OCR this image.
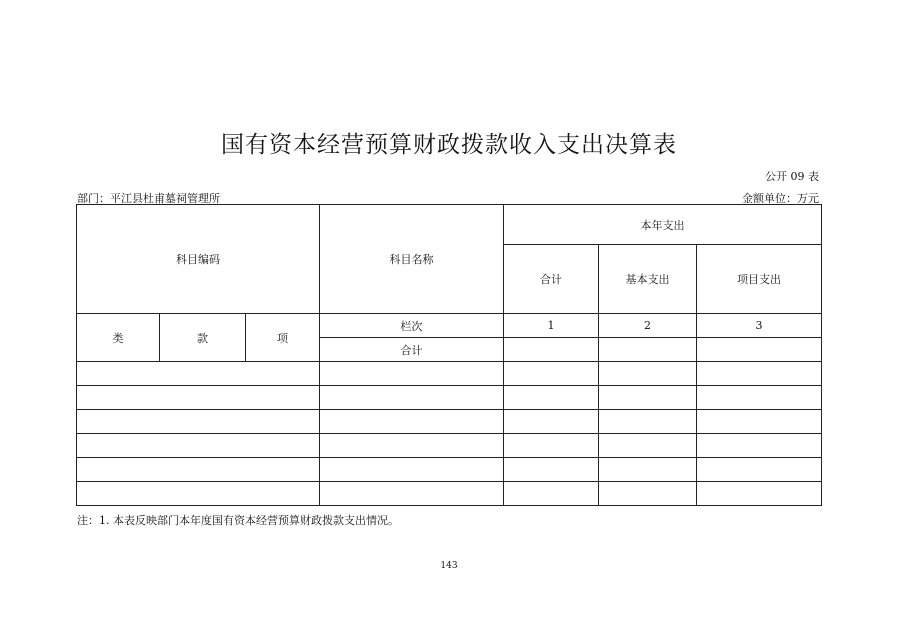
国有资本经营预算财政拨款收入支出决算表
公开 09 表
部门：平江县杜甫墓祠管理所	金额单位：万元
科目编码			科目名称	本年支出		
				合计	基本支出	项目支出
类	款	项	栏次	1	2	3
			合计			

注：1. 本表反映部门本年度国有资本经营预算财政拨款支出情况。
143
